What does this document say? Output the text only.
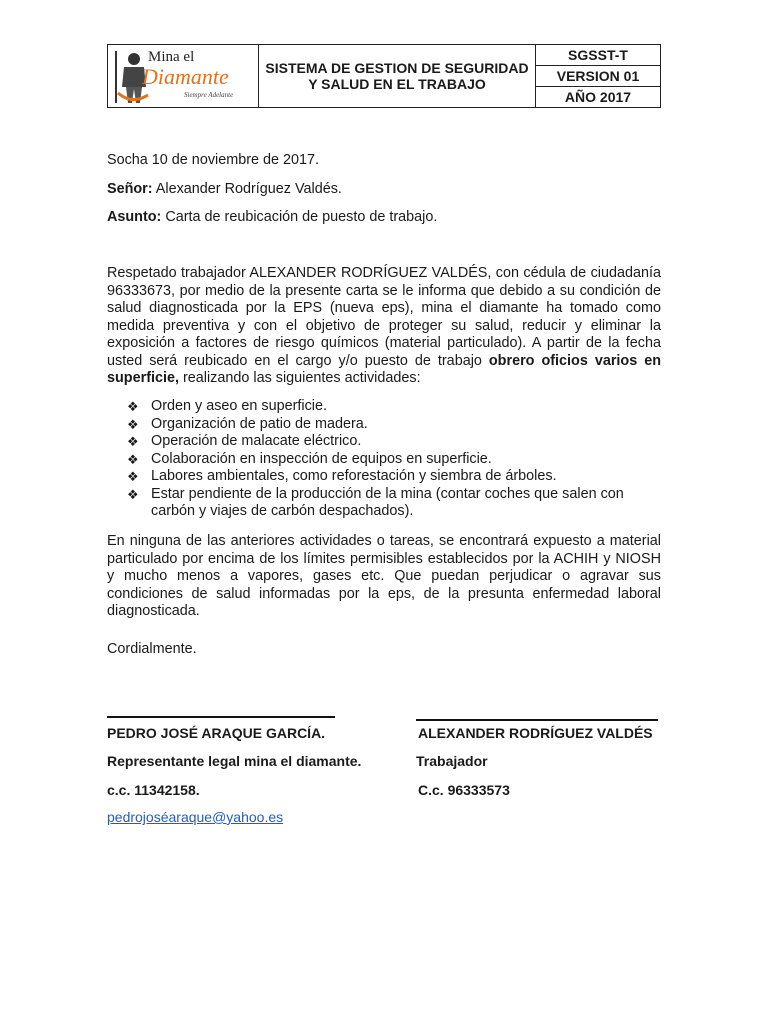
Mina el
Diamante
Siempre Adelante
	SISTEMA DE GESTION DE SEGURIDAD Y SALUD EN EL TRABAJO	
SGSST-T
VERSION 01
AÑO 2017
Socha 10 de noviembre de 2017.
Señor: Alexander Rodríguez Valdés.
Asunto: Carta de reubicación de puesto de trabajo.
Respetado trabajador ALEXANDER RODRÍGUEZ VALDÉS, con cédula de ciudadanía 96333673, por medio de la presente carta se le informa que debido a su condición de salud diagnosticada por la EPS (nueva eps), mina el diamante ha tomado como medida preventiva y con el objetivo de proteger su salud, reducir y eliminar la exposición a factores de riesgo químicos (material particulado). A partir de la fecha usted será reubicado en el cargo y/o puesto de trabajo obrero oficios varios en superficie, realizando las siguientes actividades:
❖ Orden y aseo en superficie.
❖ Organización de patio de madera.
❖ Operación de malacate eléctrico.
❖ Colaboración en inspección de equipos en superficie.
❖ Labores ambientales, como reforestación y siembra de árboles.
❖ Estar pendiente de la producción de la mina (contar coches que salen con carbón y viajes de carbón despachados).
En ninguna de las anteriores actividades o tareas, se encontrará expuesto a material particulado por encima de los límites permisibles establecidos por la ACHIH y NIOSH y mucho menos a vapores, gases etc. Que puedan perjudicar o agravar sus condiciones de salud informadas por la eps, de la presunta enfermedad laboral diagnosticada.
Cordialmente.
PEDRO JOSÉ ARAQUE GARCÍA.
Representante legal mina el diamante.
c.c. 11342158.
pedrojoséaraque@yahoo.es
ALEXANDER RODRÍGUEZ VALDÉS
Trabajador
C.c. 96333573
